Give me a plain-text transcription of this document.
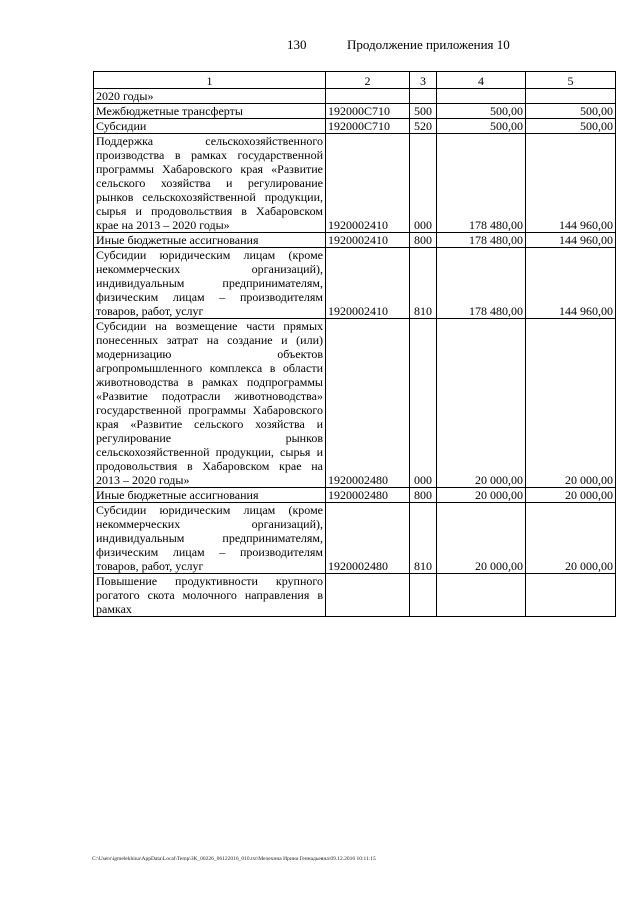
130	Продолжение приложения 10
1	2	3	4	5
2020 годы»				
Межбюджетные трансферты	192000С710	500	500,00	500,00
Субсидии	192000С710	520	500,00	500,00
Поддержка сельскохозяйственного производства в рамках государственной программы Хабаровского края «Развитие сельского хозяйства и регулирование рынков сельскохозяйственной продукции, сырья и продовольствия в Хабаровском крае на 2013 – 2020 годы»	1920002410	000	178 480,00	144 960,00
Иные бюджетные ассигнования	1920002410	800	178 480,00	144 960,00
Субсидии юридическим лицам (кроме некоммерческих организаций), индивидуальным предпринимателям, физическим лицам – производителям товаров, работ, услуг	1920002410	810	178 480,00	144 960,00
Субсидии на возмещение части прямых понесенных затрат на создание и (или) модернизацию объектов агропромышленного комплекса в области животноводства в рамках подпрограммы «Развитие подотрасли животноводства» государственной программы Хабаровского края «Развитие сельского хозяйства и регулирование рынков сельскохозяйственной продукции, сырья и продовольствия в Хабаровском крае на 2013 – 2020 годы»	1920002480	000	20 000,00	20 000,00
Иные бюджетные ассигнования	1920002480	800	20 000,00	20 000,00
Субсидии юридическим лицам (кроме некоммерческих организаций), индивидуальным предпринимателям, физическим лицам – производителям товаров, работ, услуг	1920002480	810	20 000,00	20 000,00
Повышение продуктивности крупного рогатого скота молочного направления в рамках				
C:\Users\igmelekhina\AppData\Local\Temp\ЗК_00226_06122016_010.txt\Мелехина Ирина Геннадьевна\09.12.2016 10:11:15
